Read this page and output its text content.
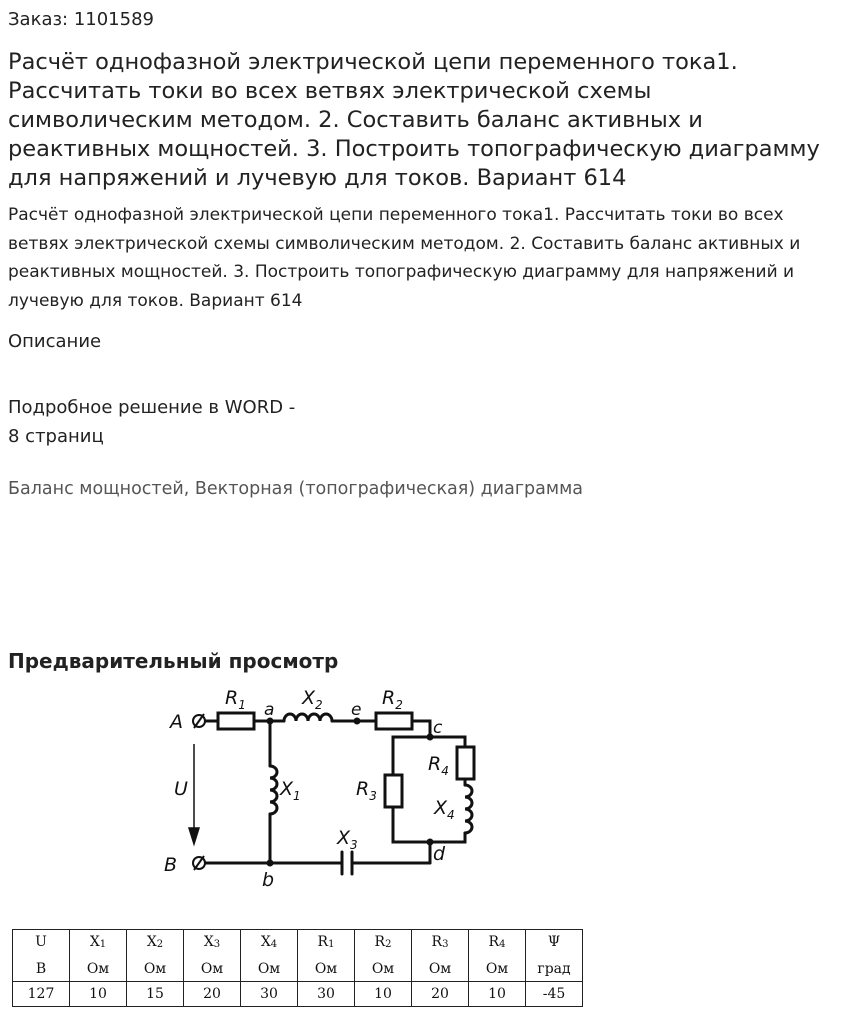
Заказ: 1101589
Расчёт однофазной электрической цепи переменного тока1. Рассчитать токи во всех ветвях электрической схемы символическим методом. 2. Составить баланс активных и реактивных мощностей. 3. Построить топографическую диаграмму для напряжений и лучевую для токов. Вариант 614
Расчёт однофазной электрической цепи переменного тока1. Рассчитать токи во всех ветвях электрической схемы символическим методом. 2. Составить баланс активных и реактивных мощностей. 3. Построить топографическую диаграмму для напряжений и лучевую для токов. Вариант 614
Описание
Подробное решение в WORD -
8 страниц
Баланс мощностей, Векторная (топографическая) диаграмма
Предварительный просмотр
A
B
U
a	e
c
d
b
$R_1$	$X_2$	$R_2$
$X_1$	$R_3$
$R_4$
$X_4$
$X_3$
U	$X_1$	$X_2$	$X_3$	$X_4$	$R_1$	$R_2$	$R_3$	$R_4$	Ψ
В	Ом	Ом	Ом	Ом	Ом	Ом	Ом	Ом	град
127	10	15	20	30	30	10	20	10	-45
